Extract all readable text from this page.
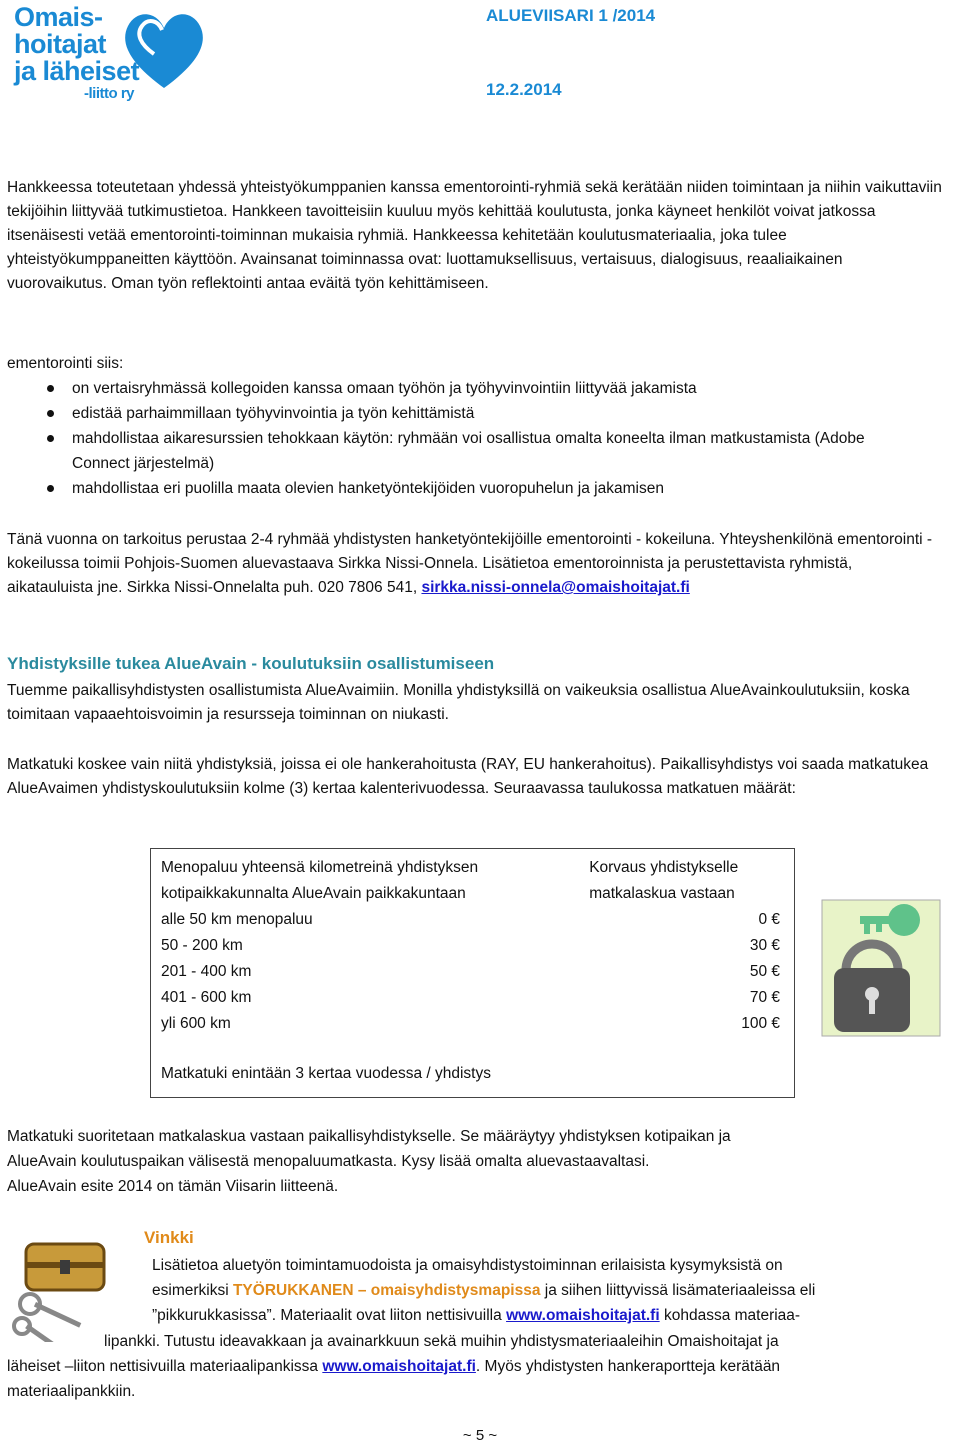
Omais-
hoitajat
ja läheiset
-liitto ry
ALUEVIISARI 1 /2014
12.2.2014
Hankkeessa toteutetaan yhdessä yhteistyökumppanien kanssa ementorointi-ryhmiä sekä kerätään niiden toimintaan ja niihin vaikuttaviin tekijöihin liittyvää tutkimustietoa. Hankkeen tavoitteisiin kuuluu myös kehittää koulutusta, jonka käyneet henkilöt voivat jatkossa itsenäisesti vetää ementorointi-toiminnan mukaisia ryhmiä. Hankkeessa kehitetään koulutusmateriaalia, joka tulee yhteistyökumppaneitten käyttöön. Avainsanat toiminnassa ovat: luottamuksellisuus, vertaisuus, dialogisuus, reaaliaikainen vuorovaikutus. Oman työn reflektointi antaa eväitä työn kehittämiseen.
ementorointi siis:
on vertaisryhmässä kollegoiden kanssa omaan työhön ja työhyvinvointiin liittyvää jakamista
edistää parhaimmillaan työhyvinvointia ja työn kehittämistä
mahdollistaa aikaresurssien tehokkaan käytön: ryhmään voi osallistua omalta koneelta ilman matkustamista (Adobe Connect järjestelmä)
mahdollistaa eri puolilla maata olevien hanketyöntekijöiden vuoropuhelun ja jakamisen
Tänä vuonna on tarkoitus perustaa 2-4 ryhmää yhdistysten hanketyöntekijöille ementorointi - kokeiluna. Yhteyshenkilönä ementorointi - kokeilussa toimii Pohjois-Suomen aluevastaava Sirkka Nissi-Onnela. Lisätietoa ementoroinnista ja perustettavista ryhmistä, aikatauluista jne. Sirkka Nissi-Onnelalta puh. 020 7806 541, sirkka.nissi-onnela@omaishoitajat.fi
Yhdistyksille tukea AlueAvain - koulutuksiin osallistumiseen
Tuemme paikallisyhdistysten osallistumista AlueAvaimiin. Monilla yhdistyksillä on vaikeuksia osallistua AlueAvainkoulutuksiin, koska toimitaan vapaaehtoisvoimin ja resursseja toiminnan on niukasti.
Matkatuki koskee vain niitä yhdistyksiä, joissa ei ole hankerahoitusta (RAY, EU hankerahoitus). Paikallisyhdistys voi saada matkatukea AlueAvaimen yhdistyskoulutuksiin kolme (3) kertaa kalenterivuodessa. Seuraavassa taulukossa matkatuen määrät:
Menopaluu yhteensä kilometreinä yhdistyksen
kotipaikkakunnalta AlueAvain paikkakuntaan	Korvaus yhdistykselle
matkalaskua vastaan
alle 50 km menopaluu	0 €
50 - 200 km	30 €
201 - 400 km	50 €
401 - 600 km	70 €
yli 600 km	100 €
Matkatuki enintään 3 kertaa vuodessa / yhdistys	
Matkatuki suoritetaan matkalaskua vastaan paikallisyhdistykselle. Se määräytyy yhdistyksen kotipaikan ja
AlueAvain koulutuspaikan välisestä menopaluumatkasta. Kysy lisää omalta aluevastaavaltasi.
AlueAvain esite 2014 on tämän Viisarin liitteenä.
Vinkki
Lisätietoa aluetyön toimintamuodoista ja omaisyhdistystoiminnan erilaisista kysymyksistä on
esimerkiksi TYÖRUKKANEN – omaisyhdistysmapissa ja siihen liittyvissä lisämateriaaleissa eli
”pikkurukkasissa”. Materiaalit ovat liiton nettisivuilla www.omaishoitajat.fi kohdassa materiaa-
lipankki. Tutustu ideavakkaan ja avainarkkuun sekä muihin yhdistysmateriaaleihin Omaishoitajat ja
läheiset –liiton nettisivuilla materiaalipankissa www.omaishoitajat.fi. Myös yhdistysten hankeraportteja kerätään
materiaalipankkiin.
~ 5 ~
